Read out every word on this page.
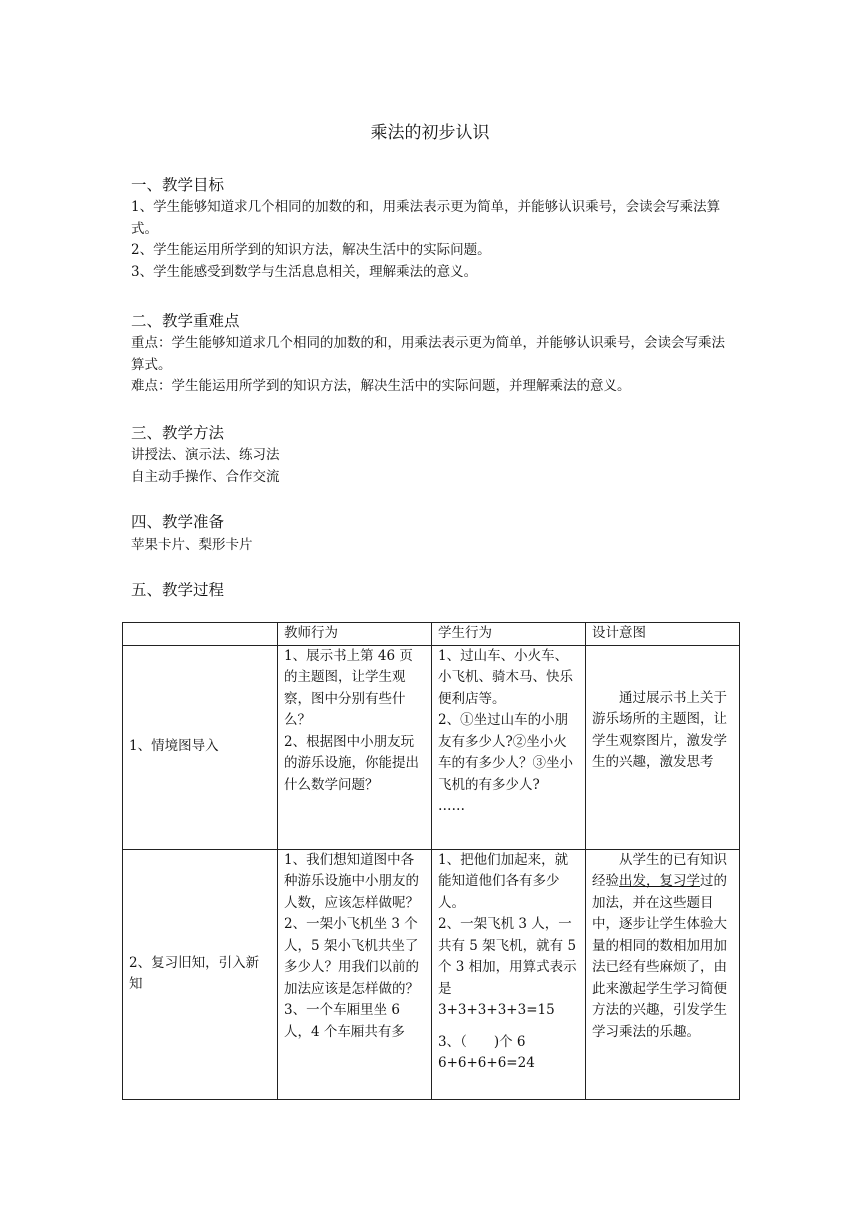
乘法的初步认识
一、教学目标
1、学生能够知道求几个相同的加数的和，用乘法表示更为简单，并能够认识乘号，会读会写乘法算式。
2、学生能运用所学到的知识方法，解决生活中的实际问题。
3、学生能感受到数学与生活息息相关，理解乘法的意义。
二、教学重难点
重点：学生能够知道求几个相同的加数的和，用乘法表示更为简单，并能够认识乘号，会读会写乘法算式。
难点：学生能运用所学到的知识方法，解决生活中的实际问题，并理解乘法的意义。
三、教学方法
讲授法、演示法、练习法
自主动手操作、合作交流
四、教学准备
苹果卡片、梨形卡片
五、教学过程
	教师行为	学生行为	设计意图
1、情境图导入	1、展示书上第 46 页的主题图，让学生观察，图中分别有些什么？
2、根据图中小朋友玩的游乐设施，你能提出什么数学问题？	1、过山车、小火车、小飞机、骑木马、快乐便利店等。
2、①坐过山车的小朋友有多少人?②坐小火车的有多少人？③坐小飞机的有多少人?
……	通过展示书上关于游乐场所的主题图，让学生观察图片，激发学生的兴趣，激发思考
2、复习旧知，引入新知	1、我们想知道图中各种游乐设施中小朋友的人数，应该怎样做呢？
2、一架小飞机坐 3 个人，5 架小飞机共坐了多少人？用我们以前的加法应该是怎样做的？
3、一个车厢里坐 6 人，4 个车厢共有多	1、把他们加起来，就能知道他们各有多少人。
2、一架飞机 3 人，一共有 5 架飞机，就有 5 个 3 相加，用算式表示是
3+3+3+3+3=15
3、（　　)个 6
6+6+6+6=24	从学生的已有知识经验出发，复习学过的加法，并在这些题目中，逐步让学生体验大量的相同的数相加用加法已经有些麻烦了，由此来激起学生学习简便方法的兴趣，引发学生学习乘法的乐趣。
